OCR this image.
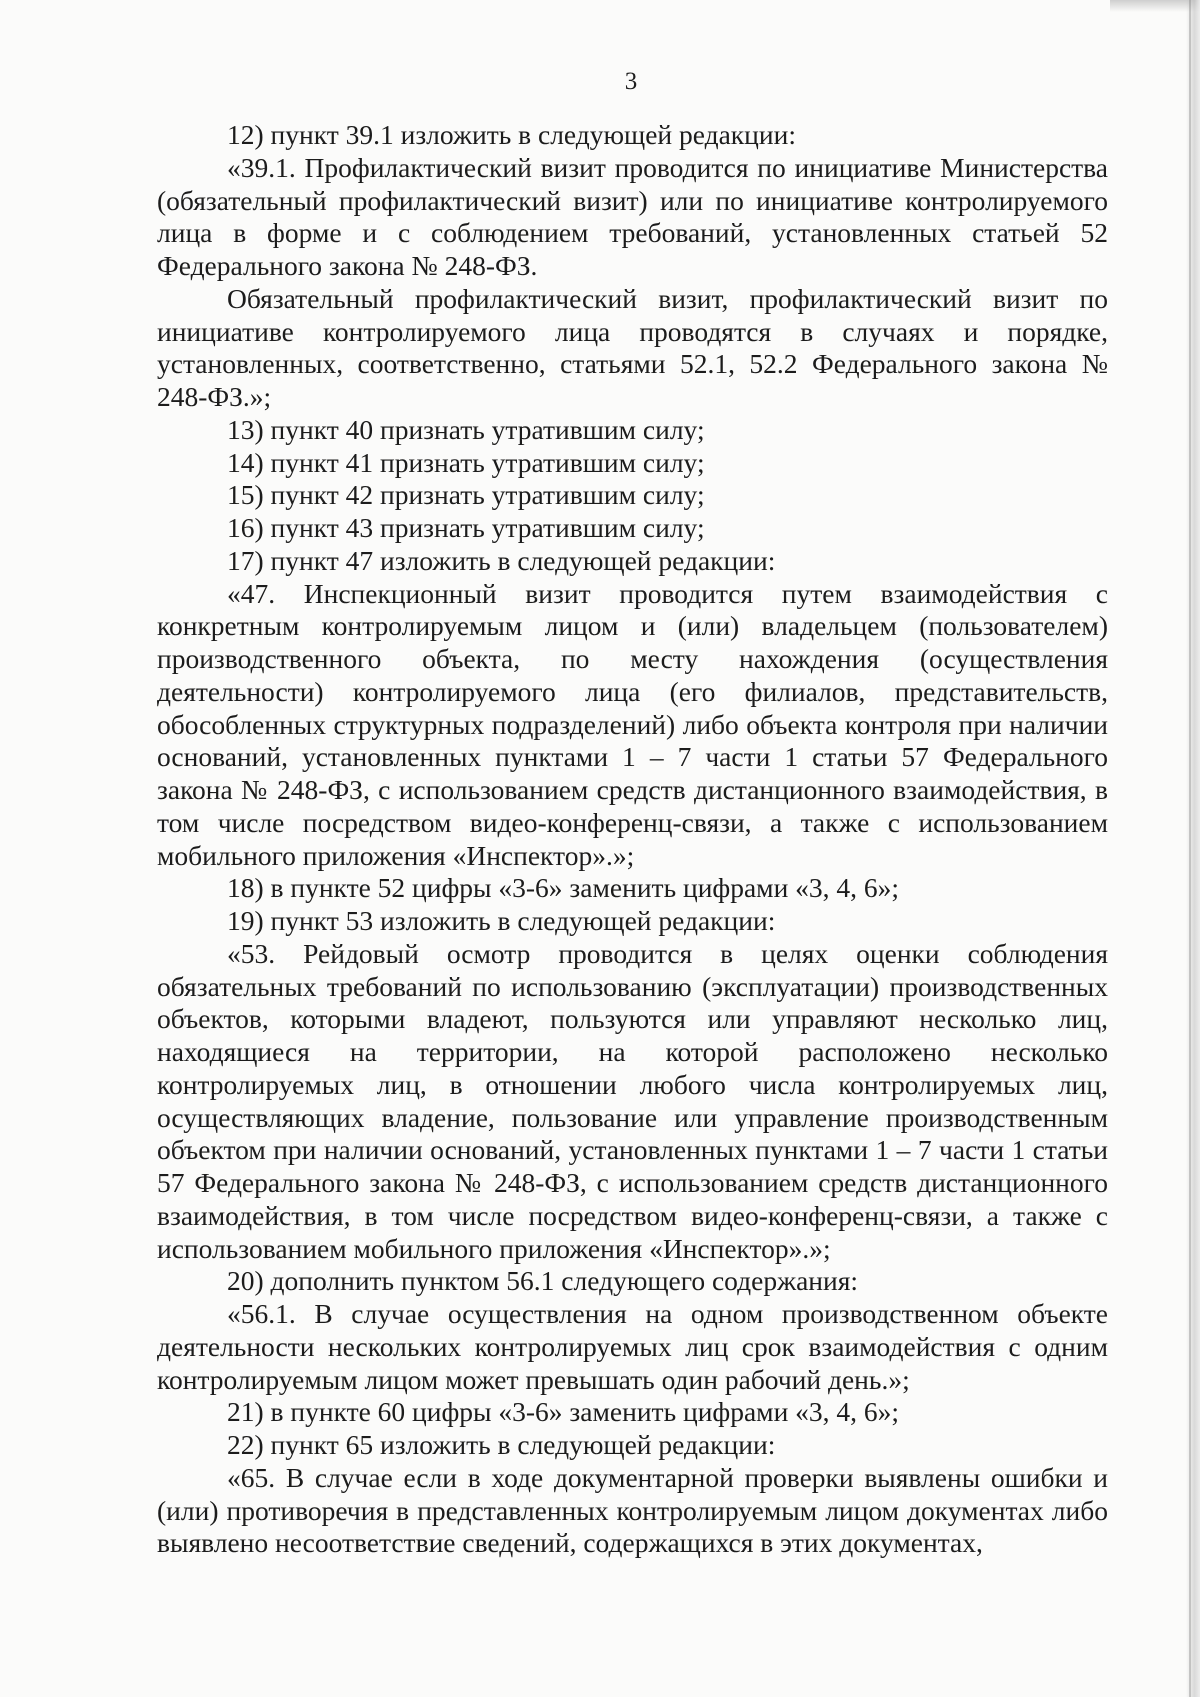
3

12) пункт 39.1 изложить в следующей редакции:

«39.1. Профилактический визит проводится по инициативе Министерства (обязательный профилактический визит) или по инициативе контролируемого лица в форме и с соблюдением требований, установленных статьей 52 Федерального закона № 248-ФЗ.

Обязательный профилактический визит, профилактический визит по инициативе контролируемого лица проводятся в случаях и порядке, установленных, соответственно, статьями 52.1, 52.2 Федерального закона № 248-ФЗ.»;

13) пункт 40 признать утратившим силу;

14) пункт 41 признать утратившим силу;

15) пункт 42 признать утратившим силу;

16) пункт 43 признать утратившим силу;

17) пункт 47 изложить в следующей редакции:

«47. Инспекционный визит проводится путем взаимодействия с конкретным контролируемым лицом и (или) владельцем (пользователем) производственного объекта, по месту нахождения (осуществления деятельности) контролируемого лица (его филиалов, представительств, обособленных структурных подразделений) либо объекта контроля при наличии оснований, установленных пунктами 1 – 7 части 1 статьи 57 Федерального закона № 248-ФЗ, с использованием средств дистанционного взаимодействия, в том числе посредством видео-конференц-связи, а также с использованием мобильного приложения «Инспектор».»;

18) в пункте 52 цифры «3-6» заменить цифрами «3, 4, 6»;

19) пункт 53 изложить в следующей редакции:

«53. Рейдовый осмотр проводится в целях оценки соблюдения обязательных требований по использованию (эксплуатации) производственных объектов, которыми владеют, пользуются или управляют несколько лиц, находящиеся на территории, на которой расположено несколько контролируемых лиц, в отношении любого числа контролируемых лиц, осуществляющих владение, пользование или управление производственным объектом при наличии оснований, установленных пунктами 1 – 7 части 1 статьи 57 Федерального закона № 248-ФЗ, с использованием средств дистанционного взаимодействия, в том числе посредством видео-конференц-связи, а также с использованием мобильного приложения «Инспектор».»;

20) дополнить пунктом 56.1 следующего содержания:

«56.1. В случае осуществления на одном производственном объекте деятельности нескольких контролируемых лиц срок взаимодействия с одним контролируемым лицом может превышать один рабочий день.»;

21) в пункте 60 цифры «3-6» заменить цифрами «3, 4, 6»;

22) пункт 65 изложить в следующей редакции:

«65. В случае если в ходе документарной проверки выявлены ошибки и (или) противоречия в представленных контролируемым лицом документах либо выявлено несоответствие сведений, содержащихся в этих документах,
